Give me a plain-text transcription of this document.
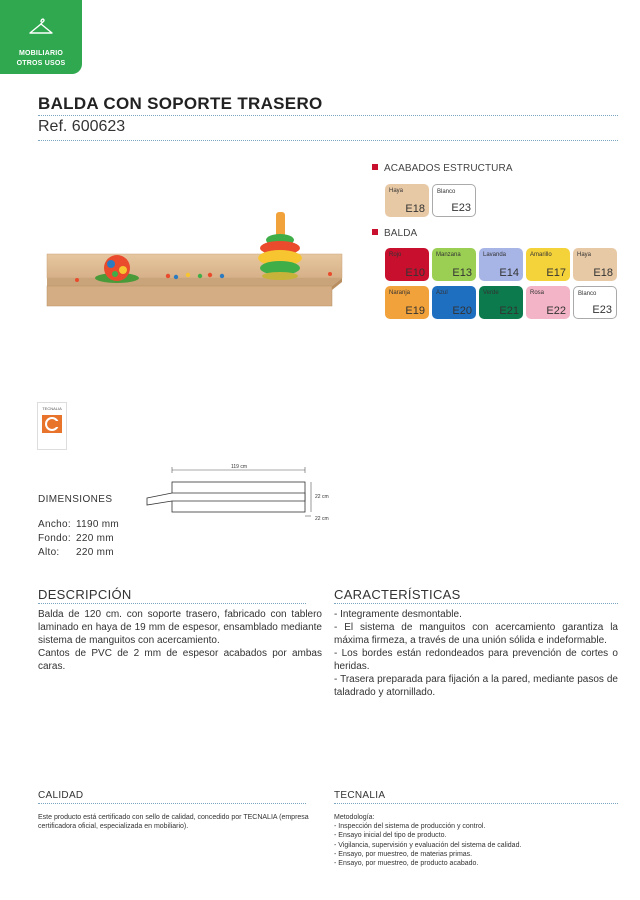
MOBILIARIO
OTROS USOS
BALDA CON SOPORTE TRASERO
Ref. 600623
ACABADOS ESTRUCTURA
Haya
E18
Blanco
E23
BALDA
Rojo
E10
Manzana
E13
Lavanda
E14
Amarillo
E17
Haya
E18
Naranja
E19
Azul
E20
Verde
E21
Rosa
E22
Blanco
E23
TECNALIA
119 cm
22 cm
22 cm
DIMENSIONES
Ancho: 1190 mm
Fondo: 220 mm
Alto: 220 mm
DESCRIPCIÓN

Balda de 120 cm. con soporte trasero, fabricado con tablero laminado en haya de 19 mm de espesor, ensamblado mediante sistema de manguitos con acercamiento.

Cantos de PVC de 2 mm de espesor acabados por ambas caras.

CARACTERÍSTICAS

- Integramente desmontable.

- El sistema de manguitos con acercamiento garantiza la máxima firmeza, a través de una unión sólida e indeformable.

- Los bordes están redondeados para prevención de cortes o heridas.

- Trasera preparada para fijación a la pared, mediante pasos de taladrado y atornillado.

CALIDAD
Este producto está certificado con sello de calidad, concedido por TECNALIA (empresa certificadora oficial, especializada en mobiliario).
TECNALIA

Metodología:

- Inspección del sistema de producción y control.

- Ensayo inicial del tipo de producto.

- Vigilancia, supervisión y evaluación del sistema de calidad.

- Ensayo, por muestreo, de materias primas.

- Ensayo, por muestreo, de producto acabado.
